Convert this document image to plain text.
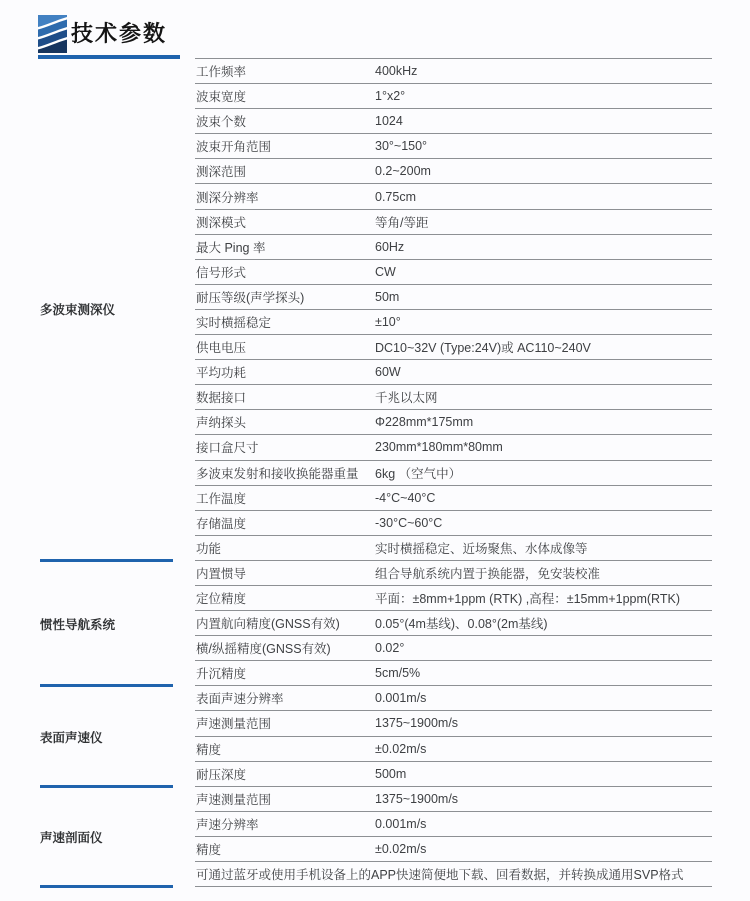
技术参数
多波束测深仪
工作频率	400kHz
波束宽度	1°x2°
波束个数	1024
波束开角范围	30°~150°
测深范围	0.2~200m
测深分辨率	0.75cm
测深模式	等角/等距
最大 Ping 率	60Hz
信号形式	CW
耐压等级(声学探头)	50m
实时横摇稳定	±10°
供电电压	DC10~32V (Type:24V)或 AC110~240V
平均功耗	60W
数据接口	千兆以太网
声纳探头	Φ228mm*175mm
接口盒尺寸	230mm*180mm*80mm
多波束发射和接收换能器重量	6kg （空气中）
工作温度	-4°C~40°C
存储温度	-30°C~60°C
功能	实时横摇稳定、近场聚焦、水体成像等
惯性导航系统
内置惯导	组合导航系统内置于换能器，免安装校准
定位精度	平面：±8mm+1ppm (RTK) ,高程：±15mm+1ppm(RTK)
内置航向精度(GNSS有效)	0.05°(4m基线)、0.08°(2m基线)
横/纵摇精度(GNSS有效)	0.02°
升沉精度	5cm/5%
表面声速仪
表面声速分辨率	0.001m/s
声速测量范围	1375~1900m/s
精度	±0.02m/s
耐压深度	500m
声速剖面仪
声速测量范围	1375~1900m/s
声速分辨率	0.001m/s
精度	±0.02m/s
可通过蓝牙或使用手机设备上的APP快速简便地下载、回看数据，并转换成通用SVP格式
